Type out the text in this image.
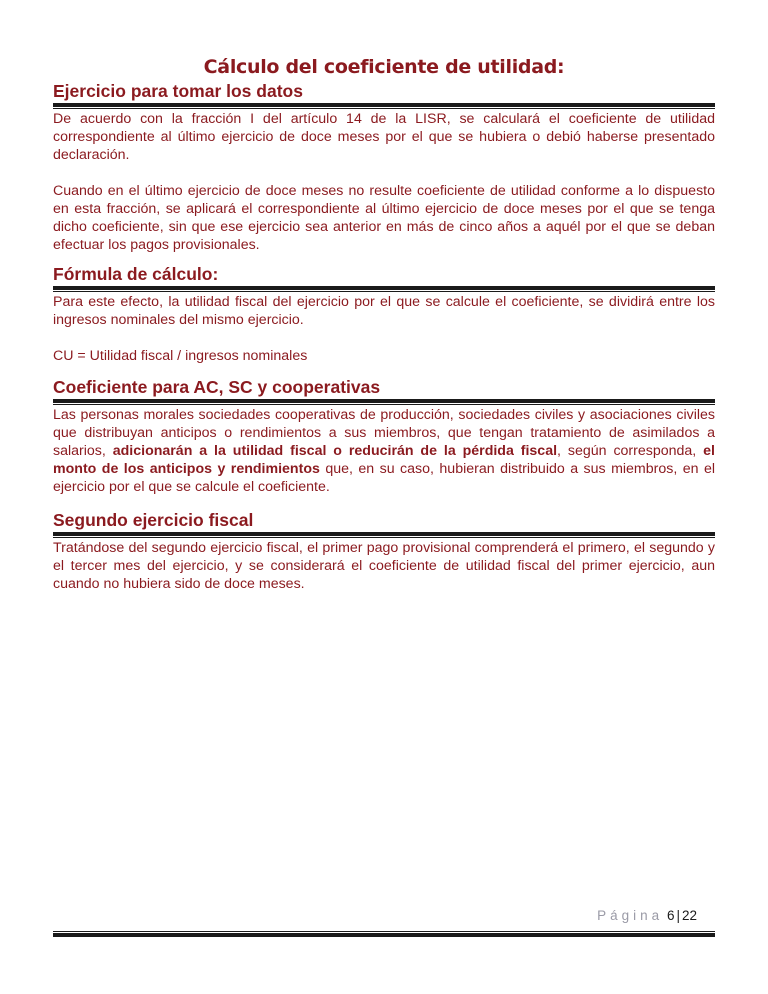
Cálculo del coeficiente de utilidad:
Ejercicio para tomar los datos

De acuerdo con la fracción I del artículo 14 de la LISR, se calculará el coeficiente de utilidad correspondiente al último ejercicio de doce meses por el que se hubiera o debió haberse presentado declaración.

Cuando en el último ejercicio de doce meses no resulte coeficiente de utilidad conforme a lo dispuesto en esta fracción, se aplicará el correspondiente al último ejercicio de doce meses por el que se tenga dicho coeficiente, sin que ese ejercicio sea anterior en más de cinco años a aquél por el que se deban efectuar los pagos provisionales.

Fórmula de cálculo:

Para este efecto, la utilidad fiscal del ejercicio por el que se calcule el coeficiente, se dividirá entre los ingresos nominales del mismo ejercicio.

CU = Utilidad fiscal / ingresos nominales

Coeficiente para AC, SC y cooperativas

Las personas morales sociedades cooperativas de producción, sociedades civiles y asociaciones civiles que distribuyan anticipos o rendimientos a sus miembros, que tengan tratamiento de asimilados a salarios, adicionarán a la utilidad fiscal o reducirán de la pérdida fiscal, según corresponda, el monto de los anticipos y rendimientos que, en su caso, hubieran distribuido a sus miembros, en el ejercicio por el que se calcule el coeficiente.

Segundo ejercicio fiscal

Tratándose del segundo ejercicio fiscal, el primer pago provisional comprenderá el primero, el segundo y el tercer mes del ejercicio, y se considerará el coeficiente de utilidad fiscal del primer ejercicio, aun cuando no hubiera sido de doce meses.

Página 6 | 22
